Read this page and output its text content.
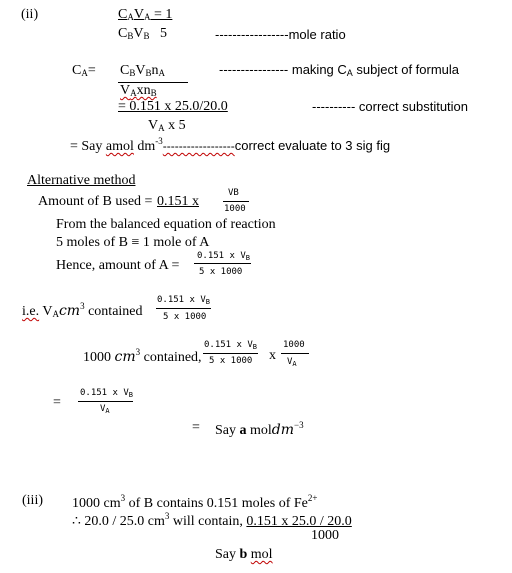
(ii)	$C_AV_A = 1$
$C_BV_B$   5	-----------------mole ratio
$C_A= C_BV_Bn_A$
$V_Axn_B$
---------------- making $C_A$ subject of formula
= 0.151 x 25.0/20.0
$V_A$ x 5
---------- correct substitution
= Say amol $dm^{-3}-----------------$-correct evaluate to 3 sig fig
Alternative method
Amount of B used = 0.151 x
VB
1000
From the balanced equation of reaction
5 moles of B ≡ 1 mole of A
Hence, amount of A =
0.151 x $V_B$
5 x 1000
i.e. $V_Acm^3$ contained
0.151 x $V_B$
5 x 1000
1000 $cm^3$ contained,
0.151 x $V_B$
5 x 1000 x
1000
$V_A$
=
0.151 x $V_B$
$V_A$
= Say a moldm$^{-3}$
(iii) 1000 $cm^3$ of B contains 0.151 moles of $Fe^{2+}$
∴ 20.0 / 25.0 $cm^3$ will contain, 0.151 x 25.0 / 20.0
1000
Say b mol
